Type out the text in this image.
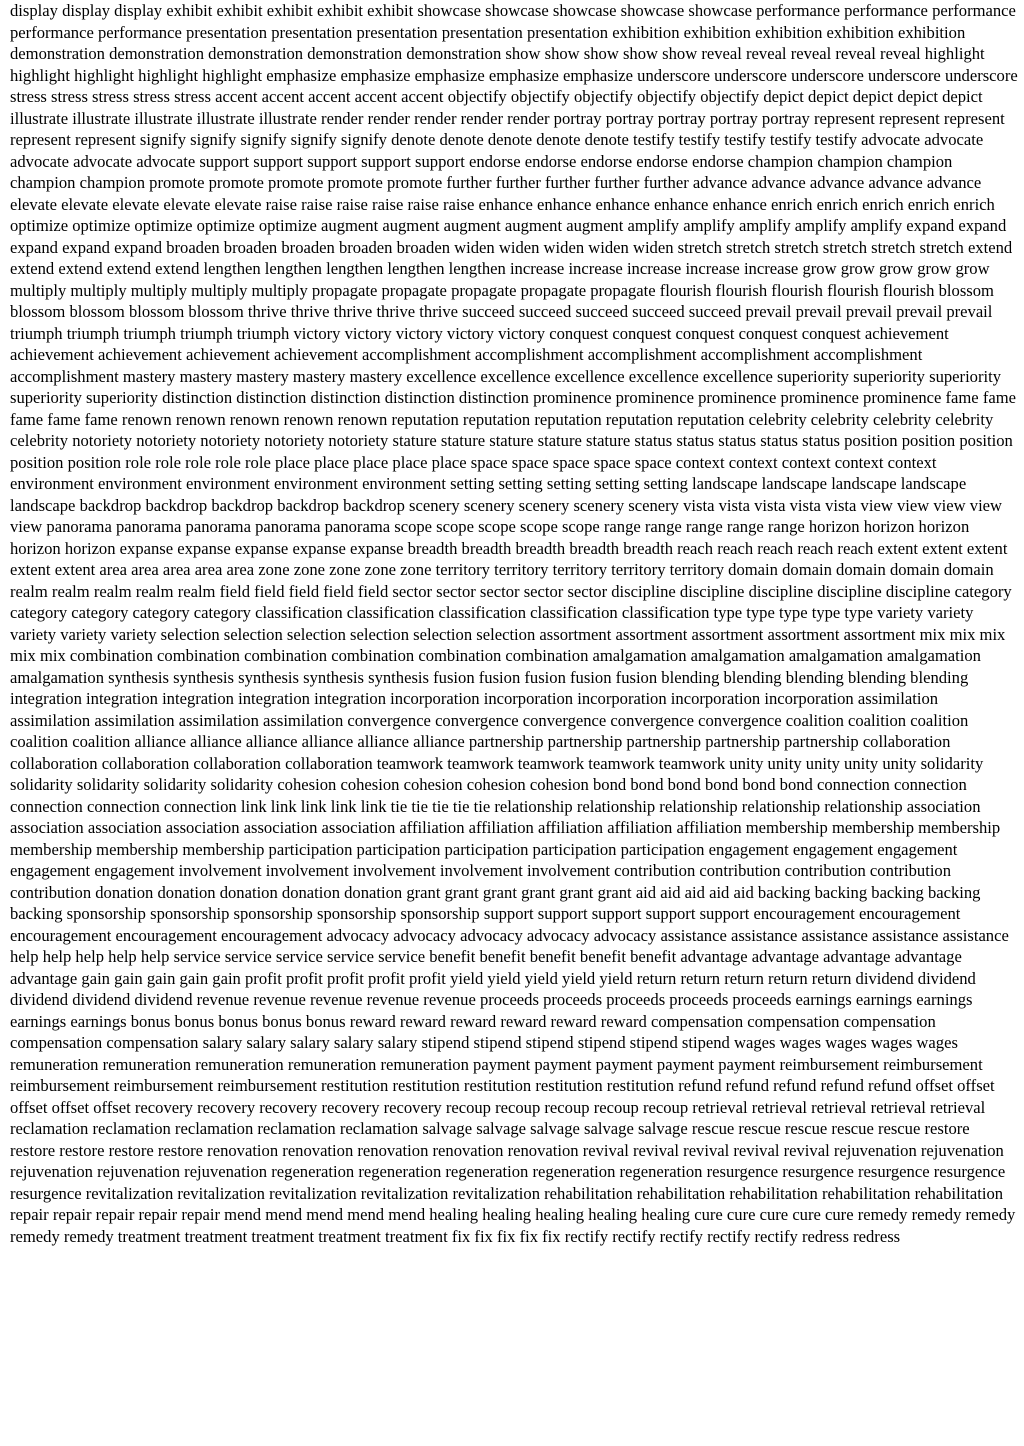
display display display exhibit exhibit exhibit exhibit exhibit showcase showcase showcase showcase showcase performance performance performance performance performance presentation presentation presentation presentation presentation exhibition exhibition exhibition exhibition exhibition demonstration demonstration demonstration demonstration demonstration show show show show show reveal reveal reveal reveal reveal highlight highlight highlight highlight highlight emphasize emphasize emphasize emphasize emphasize underscore underscore underscore underscore underscore stress stress stress stress stress accent accent accent accent accent objectify objectify objectify objectify objectify depict depict depict depict depict illustrate illustrate illustrate illustrate illustrate render render render render render portray portray portray portray portray represent represent represent represent represent signify signify signify signify signify denote denote denote denote denote testify testify testify testify testify advocate advocate advocate advocate advocate support support support support support endorse endorse endorse endorse endorse champion champion champion champion champion promote promote promote promote promote further further further further further advance advance advance advance advance elevate elevate elevate elevate elevate raise raise raise raise raise raise enhance enhance enhance enhance enhance enrich enrich enrich enrich enrich optimize optimize optimize optimize optimize augment augment augment augment augment amplify amplify amplify amplify amplify expand expand expand expand expand broaden broaden broaden broaden broaden widen widen widen widen widen stretch stretch stretch stretch stretch stretch extend extend extend extend extend lengthen lengthen lengthen lengthen lengthen increase increase increase increase increase grow grow grow grow grow multiply multiply multiply multiply multiply propagate propagate propagate propagate propagate flourish flourish flourish flourish flourish blossom blossom blossom blossom blossom thrive thrive thrive thrive thrive succeed succeed succeed succeed succeed prevail prevail prevail prevail prevail triumph triumph triumph triumph triumph victory victory victory victory victory conquest conquest conquest conquest conquest achievement achievement achievement achievement achievement accomplishment accomplishment accomplishment accomplishment accomplishment accomplishment mastery mastery mastery mastery mastery excellence excellence excellence excellence excellence superiority superiority superiority superiority superiority distinction distinction distinction distinction distinction prominence prominence prominence prominence prominence fame fame fame fame fame renown renown renown renown renown reputation reputation reputation reputation reputation celebrity celebrity celebrity celebrity celebrity notoriety notoriety notoriety notoriety notoriety stature stature stature stature stature status status status status status position position position position position role role role role role place place place place place space space space space space context context context context context environment environment environment environment environment setting setting setting setting setting landscape landscape landscape landscape landscape backdrop backdrop backdrop backdrop backdrop scenery scenery scenery scenery scenery vista vista vista vista vista view view view view view panorama panorama panorama panorama panorama scope scope scope scope scope range range range range range horizon horizon horizon horizon horizon expanse expanse expanse expanse expanse breadth breadth breadth breadth breadth reach reach reach reach reach extent extent extent extent extent area area area area area zone zone zone zone zone territory territory territory territory territory domain domain domain domain domain realm realm realm realm realm field field field field field sector sector sector sector sector discipline discipline discipline discipline discipline category category category category category classification classification classification classification classification type type type type type variety variety variety variety variety selection selection selection selection selection selection assortment assortment assortment assortment assortment mix mix mix mix mix combination combination combination combination combination combination amalgamation amalgamation amalgamation amalgamation amalgamation synthesis synthesis synthesis synthesis synthesis fusion fusion fusion fusion fusion blending blending blending blending blending integration integration integration integration integration incorporation incorporation incorporation incorporation incorporation assimilation assimilation assimilation assimilation assimilation convergence convergence convergence convergence convergence coalition coalition coalition coalition coalition alliance alliance alliance alliance alliance alliance partnership partnership partnership partnership partnership collaboration collaboration collaboration collaboration collaboration teamwork teamwork teamwork teamwork teamwork unity unity unity unity unity solidarity solidarity solidarity solidarity solidarity cohesion cohesion cohesion cohesion cohesion bond bond bond bond bond bond connection connection connection connection connection link link link link link tie tie tie tie tie relationship relationship relationship relationship relationship association association association association association association affiliation affiliation affiliation affiliation affiliation membership membership membership membership membership membership participation participation participation participation participation engagement engagement engagement engagement engagement involvement involvement involvement involvement involvement contribution contribution contribution contribution contribution donation donation donation donation donation grant grant grant grant grant grant aid aid aid aid aid backing backing backing backing backing sponsorship sponsorship sponsorship sponsorship sponsorship support support support support support encouragement encouragement encouragement encouragement encouragement advocacy advocacy advocacy advocacy advocacy assistance assistance assistance assistance assistance help help help help help service service service service service benefit benefit benefit benefit benefit advantage advantage advantage advantage advantage gain gain gain gain gain profit profit profit profit profit yield yield yield yield yield return return return return return dividend dividend dividend dividend dividend revenue revenue revenue revenue revenue proceeds proceeds proceeds proceeds proceeds earnings earnings earnings earnings earnings bonus bonus bonus bonus bonus reward reward reward reward reward reward compensation compensation compensation compensation compensation salary salary salary salary salary stipend stipend stipend stipend stipend stipend wages wages wages wages wages remuneration remuneration remuneration remuneration remuneration payment payment payment payment payment reimbursement reimbursement reimbursement reimbursement reimbursement restitution restitution restitution restitution restitution refund refund refund refund refund offset offset offset offset offset recovery recovery recovery recovery recovery recoup recoup recoup recoup recoup retrieval retrieval retrieval retrieval retrieval reclamation reclamation reclamation reclamation reclamation salvage salvage salvage salvage salvage rescue rescue rescue rescue rescue restore restore restore restore restore renovation renovation renovation renovation renovation revival revival revival revival revival rejuvenation rejuvenation rejuvenation rejuvenation rejuvenation regeneration regeneration regeneration regeneration regeneration resurgence resurgence resurgence resurgence resurgence revitalization revitalization revitalization revitalization revitalization rehabilitation rehabilitation rehabilitation rehabilitation rehabilitation repair repair repair repair repair mend mend mend mend mend healing healing healing healing healing cure cure cure cure cure remedy remedy remedy remedy remedy treatment treatment treatment treatment treatment fix fix fix fix fix rectify rectify rectify rectify rectify redress redress
